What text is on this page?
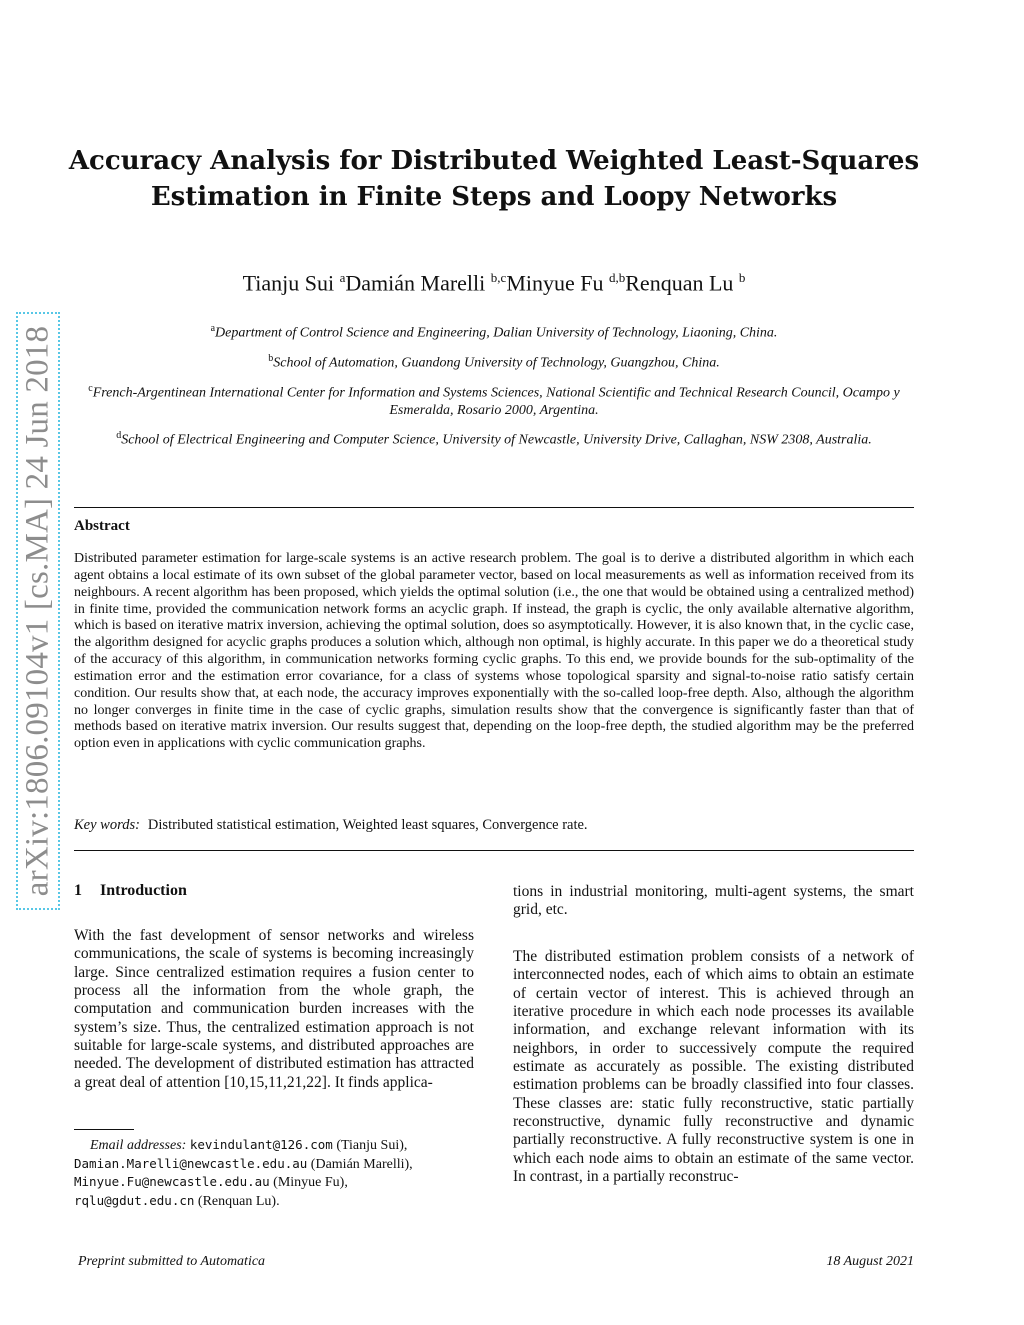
arXiv:1806.09104v1 [cs.MA] 24 Jun 2018
Accuracy Analysis for Distributed Weighted Least-Squares
Estimation in Finite Steps and Loopy Networks
Tianju Sui $^a$Damián Marelli $^{b,c}$Minyue Fu $^{d,b}$Renquan Lu $^b$
$^a$Department of Control Science and Engineering, Dalian University of Technology, Liaoning, China.
$^b$School of Automation, Guandong University of Technology, Guangzhou, China.
$^c$French-Argentinean International Center for Information and Systems Sciences, National Scientific and Technical Research Council, Ocampo y Esmeralda, Rosario 2000, Argentina.
$^d$School of Electrical Engineering and Computer Science, University of Newcastle, University Drive, Callaghan, NSW 2308, Australia.
Abstract
Distributed parameter estimation for large-scale systems is an active research problem. The goal is to derive a distributed algorithm in which each agent obtains a local estimate of its own subset of the global parameter vector, based on local measurements as well as information received from its neighbours. A recent algorithm has been proposed, which yields the optimal solution (i.e., the one that would be obtained using a centralized method) in finite time, provided the communication network forms an acyclic graph. If instead, the graph is cyclic, the only available alternative algorithm, which is based on iterative matrix inversion, achieving the optimal solution, does so asymptotically. However, it is also known that, in the cyclic case, the algorithm designed for acyclic graphs produces a solution which, although non optimal, is highly accurate. In this paper we do a theoretical study of the accuracy of this algorithm, in communication networks forming cyclic graphs. To this end, we provide bounds for the sub-optimality of the estimation error and the estimation error covariance, for a class of systems whose topological sparsity and signal-to-noise ratio satisfy certain condition. Our results show that, at each node, the accuracy improves exponentially with the so-called loop-free depth. Also, although the algorithm no longer converges in finite time in the case of cyclic graphs, simulation results show that the convergence is significantly faster than that of methods based on iterative matrix inversion. Our results suggest that, depending on the loop-free depth, the studied algorithm may be the preferred option even in applications with cyclic communication graphs.
Key words: Distributed statistical estimation, Weighted least squares, Convergence rate.
1 Introduction
With the fast development of sensor networks and wireless communications, the scale of systems is becoming increasingly large. Since centralized estimation requires a fusion center to process all the information from the whole graph, the computation and communication burden increases with the system’s size. Thus, the centralized estimation approach is not suitable for large-scale systems, and distributed approaches are needed. The development of distributed estimation has attracted a great deal of attention [10,15,11,21,22]. It finds applica-
tions in industrial monitoring, multi-agent systems, the smart grid, etc.
The distributed estimation problem consists of a network of interconnected nodes, each of which aims to obtain an estimate of certain vector of interest. This is achieved through an iterative procedure in which each node processes its available information, and exchange relevant information with its neighbors, in order to successively compute the required estimate as accurately as possible. The existing distributed estimation problems can be broadly classified into four classes. These classes are: static fully reconstructive, static partially reconstructive, dynamic fully reconstructive and dynamic partially reconstructive. A fully reconstructive system is one in which each node aims to obtain an estimate of the same vector. In contrast, in a partially reconstruc-
Email addresses: kevindulant@126.com (Tianju Sui),
Damian.Marelli@newcastle.edu.au (Damián Marelli),
Minyue.Fu@newcastle.edu.au (Minyue Fu),
rqlu@gdut.edu.cn (Renquan Lu).
Preprint submitted to Automatica	18 August 2021
